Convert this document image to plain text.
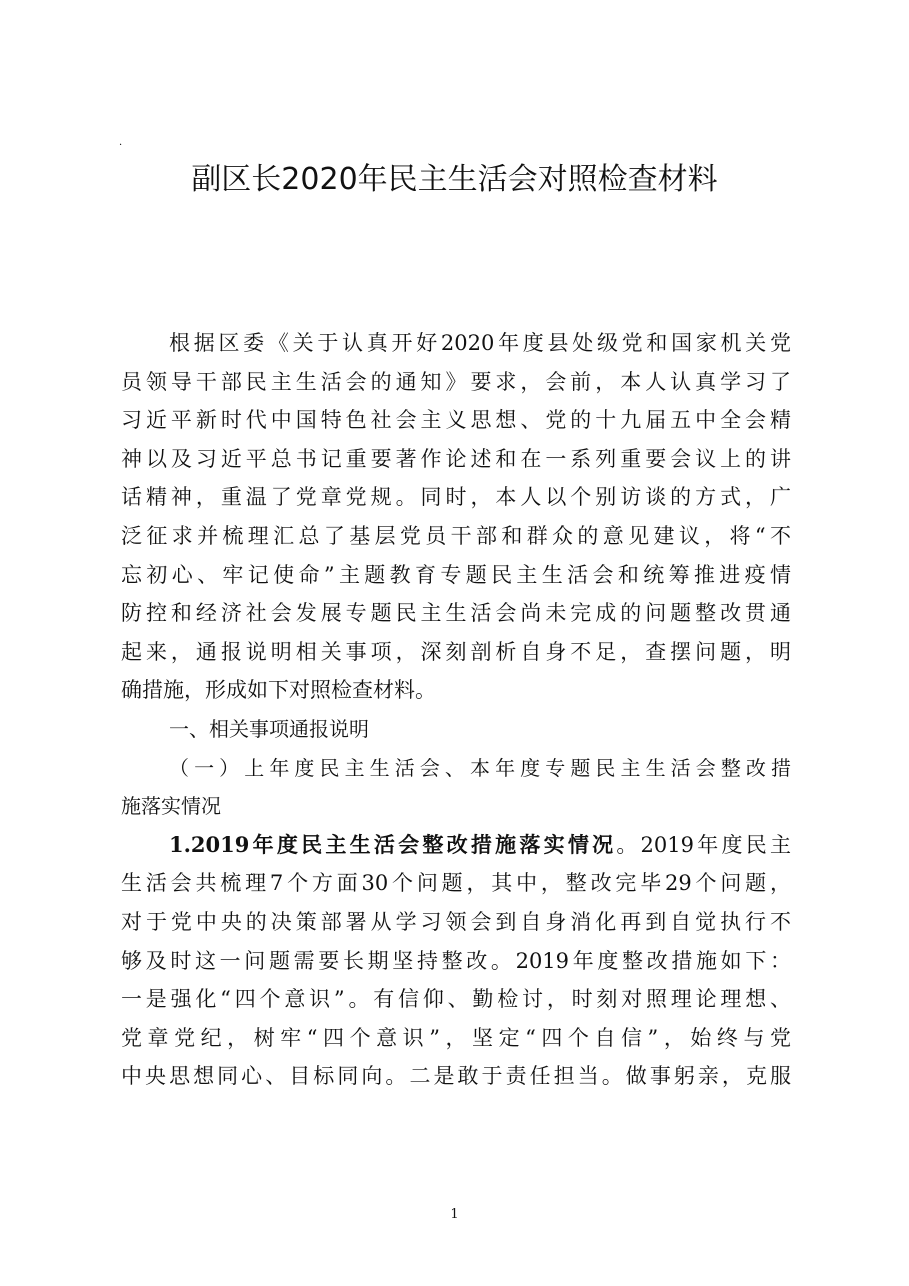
·
副区长2020年民主生活会对照检查材料
根据区委《关于认真开好2020年度县处级党和国家机关党
员领导干部民主生活会的通知》要求，会前，本人认真学习了
习近平新时代中国特色社会主义思想、党的十九届五中全会精
神以及习近平总书记重要著作论述和在一系列重要会议上的讲
话精神，重温了党章党规。同时，本人以个别访谈的方式，广
泛征求并梳理汇总了基层党员干部和群众的意见建议，将“不
忘初心、牢记使命”主题教育专题民主生活会和统筹推进疫情
防控和经济社会发展专题民主生活会尚未完成的问题整改贯通
起来，通报说明相关事项，深刻剖析自身不足，查摆问题，明
确措施，形成如下对照检查材料。
一、相关事项通报说明
（一）上年度民主生活会、本年度专题民主生活会整改措
施落实情况
1.2019年度民主生活会整改措施落实情况。2019年度民主
生活会共梳理7个方面30个问题，其中，整改完毕29个问题，
对于党中央的决策部署从学习领会到自身消化再到自觉执行不
够及时这一问题需要长期坚持整改。2019年度整改措施如下：
一是强化“四个意识”。有信仰、勤检讨，时刻对照理论理想、
党章党纪，树牢“四个意识”，坚定“四个自信”，始终与党
中央思想同心、目标同向。二是敢于责任担当。做事躬亲，克服
1
